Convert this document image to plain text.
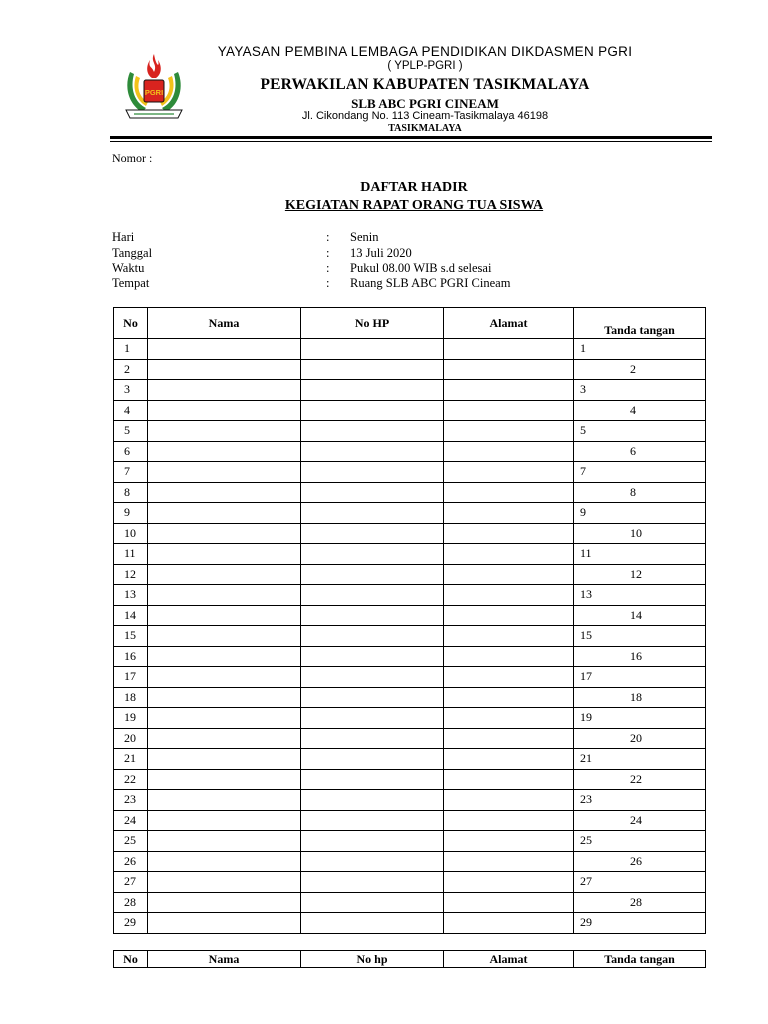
PGRI
YAYASAN PEMBINA LEMBAGA PENDIDIKAN DIKDASMEN PGRI
( YPLP-PGRI )
PERWAKILAN KABUPATEN TASIKMALAYA
SLB ABC PGRI CINEAM
Jl. Cikondang No. 113 Cineam-Tasikmalaya 46198
TASIKMALAYA
Nomor :
DAFTAR HADIR
KEGIATAN RAPAT ORANG TUA SISWA
Hari	: Senin
Tanggal	: 13 Juli 2020
Waktu	: Pukul 08.00 WIB s.d selesai
Tempat	: Ruang SLB ABC PGRI Cineam
No	Nama	No HP	Alamat	Tanda tangan
1				1
2				2
3				3
4				4
5				5
6				6
7				7
8				8
9				9
10				10
11				11
12				12
13				13
14				14
15				15
16				16
17				17
18				18
19				19
20				20
21				21
22				22
23				23
24				24
25				25
26				26
27				27
28				28
29				29
No	Nama	No hp	Alamat	Tanda tangan
